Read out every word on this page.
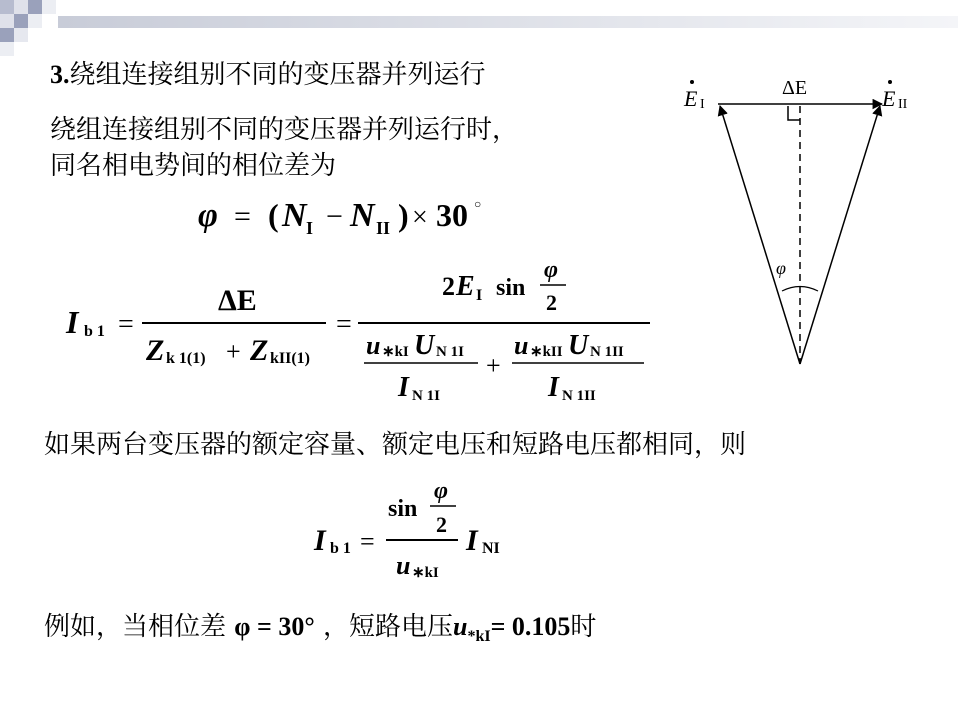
3.绕组连接组别不同的变压器并列运行
绕组连接组别不同的变压器并列运行时，
同名相电势间的相位差为
φ = ( N I − N II ) × 30 ○
I b 1 =
ΔE
Z k 1(1) + Z kII(1)
=
2 E I sin
φ
2
u ∗kI U N 1I
I N 1I
+
u ∗kII U N 1II
I N 1II
如果两台变压器的额定容量、额定电压和短路电压都相同，则
I b 1 =
sin
φ
2
u ∗kI
I NI
例如，当相位差 φ = 30° ，短路电压$u_{*kI}= 0.105$时
E I
ΔE	E II
φ
